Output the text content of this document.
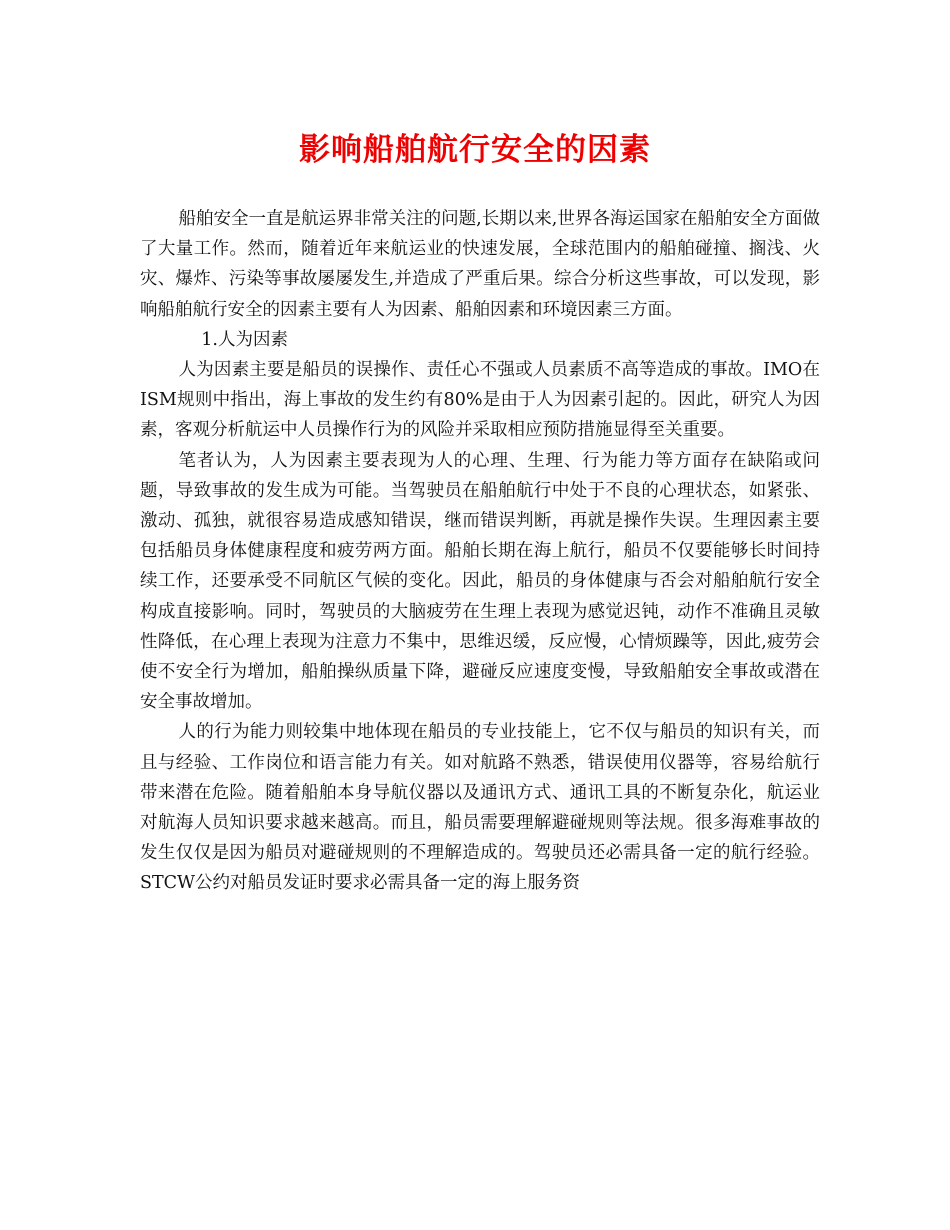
影响船舶航行安全的因素

船舶安全一直是航运界非常关注的问题,长期以来,世界各海运国家在船舶安全方面做了大量工作。然而，随着近年来航运业的快速发展，全球范围内的船舶碰撞、搁浅、火灾、爆炸、污染等事故屡屡发生,并造成了严重后果。综合分析这些事故，可以发现，影响船舶航行安全的因素主要有人为因素、船舶因素和环境因素三方面。

1.人为因素

人为因素主要是船员的误操作、责任心不强或人员素质不高等造成的事故。IMO在ISM规则中指出，海上事故的发生约有80%是由于人为因素引起的。因此，研究人为因素，客观分析航运中人员操作行为的风险并采取相应预防措施显得至关重要。

笔者认为，人为因素主要表现为人的心理、生理、行为能力等方面存在缺陷或问题，导致事故的发生成为可能。当驾驶员在船舶航行中处于不良的心理状态，如紧张、激动、孤独，就很容易造成感知错误，继而错误判断，再就是操作失误。生理因素主要包括船员身体健康程度和疲劳两方面。船舶长期在海上航行，船员不仅要能够长时间持续工作，还要承受不同航区气候的变化。因此，船员的身体健康与否会对船舶航行安全构成直接影响。同时，驾驶员的大脑疲劳在生理上表现为感觉迟钝，动作不准确且灵敏性降低，在心理上表现为注意力不集中，思维迟缓，反应慢，心情烦躁等，因此,疲劳会使不安全行为增加，船舶操纵质量下降，避碰反应速度变慢，导致船舶安全事故或潜在安全事故增加。

人的行为能力则较集中地体现在船员的专业技能上，它不仅与船员的知识有关，而且与经验、工作岗位和语言能力有关。如对航路不熟悉，错误使用仪器等，容易给航行带来潜在危险。随着船舶本身导航仪器以及通讯方式、通讯工具的不断复杂化，航运业对航海人员知识要求越来越高。而且，船员需要理解避碰规则等法规。很多海难事故的发生仅仅是因为船员对避碰规则的不理解造成的。驾驶员还必需具备一定的航行经验。STCW公约对船员发证时要求必需具备一定的海上服务资
